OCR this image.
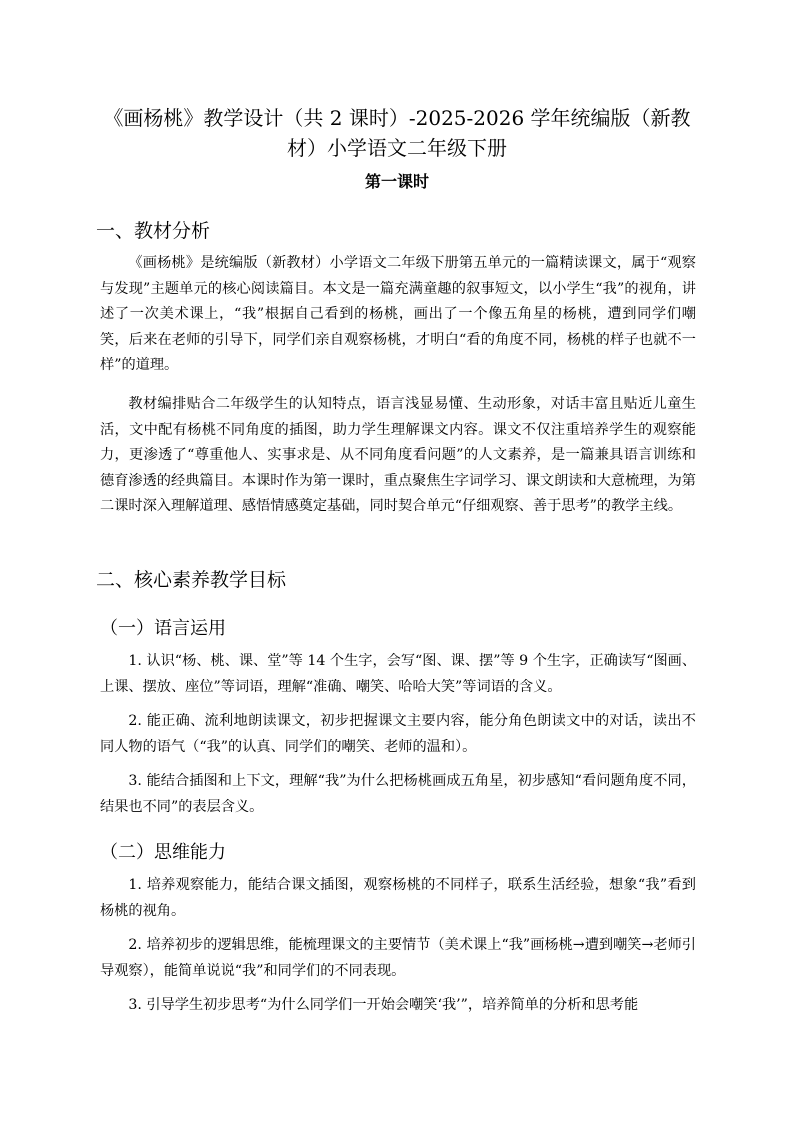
《画杨桃》教学设计（共 2 课时）-2025-2026 学年统编版（新教材）小学语文二年级下册
第一课时
一、教材分析

《画杨桃》是统编版（新教材）小学语文二年级下册第五单元的一篇精读课文，属于“观察与发现”主题单元的核心阅读篇目。本文是一篇充满童趣的叙事短文，以小学生“我”的视角，讲述了一次美术课上，“我”根据自己看到的杨桃，画出了一个像五角星的杨桃，遭到同学们嘲笑，后来在老师的引导下，同学们亲自观察杨桃，才明白“看的角度不同，杨桃的样子也就不一样”的道理。

教材编排贴合二年级学生的认知特点，语言浅显易懂、生动形象，对话丰富且贴近儿童生活，文中配有杨桃不同角度的插图，助力学生理解课文内容。课文不仅注重培养学生的观察能力，更渗透了“尊重他人、实事求是、从不同角度看问题”的人文素养，是一篇兼具语言训练和德育渗透的经典篇目。本课时作为第一课时，重点聚焦生字词学习、课文朗读和大意梳理，为第二课时深入理解道理、感悟情感奠定基础，同时契合单元“仔细观察、善于思考”的教学主线。

二、核心素养教学目标
（一）语言运用

1. 认识“杨、桃、课、堂”等 14 个生字，会写“图、课、摆”等 9 个生字，正确读写“图画、上课、摆放、座位”等词语，理解“准确、嘲笑、哈哈大笑”等词语的含义。

2. 能正确、流利地朗读课文，初步把握课文主要内容，能分角色朗读文中的对话，读出不同人物的语气（“我”的认真、同学们的嘲笑、老师的温和）。

3. 能结合插图和上下文，理解“我”为什么把杨桃画成五角星，初步感知“看问题角度不同，结果也不同”的表层含义。

（二）思维能力

1. 培养观察能力，能结合课文插图，观察杨桃的不同样子，联系生活经验，想象“我”看到杨桃的视角。

2. 培养初步的逻辑思维，能梳理课文的主要情节（美术课上“我”画杨桃→遭到嘲笑→老师引导观察），能简单说说“我”和同学们的不同表现。

3. 引导学生初步思考“为什么同学们一开始会嘲笑‘我’”，培养简单的分析和思考能
